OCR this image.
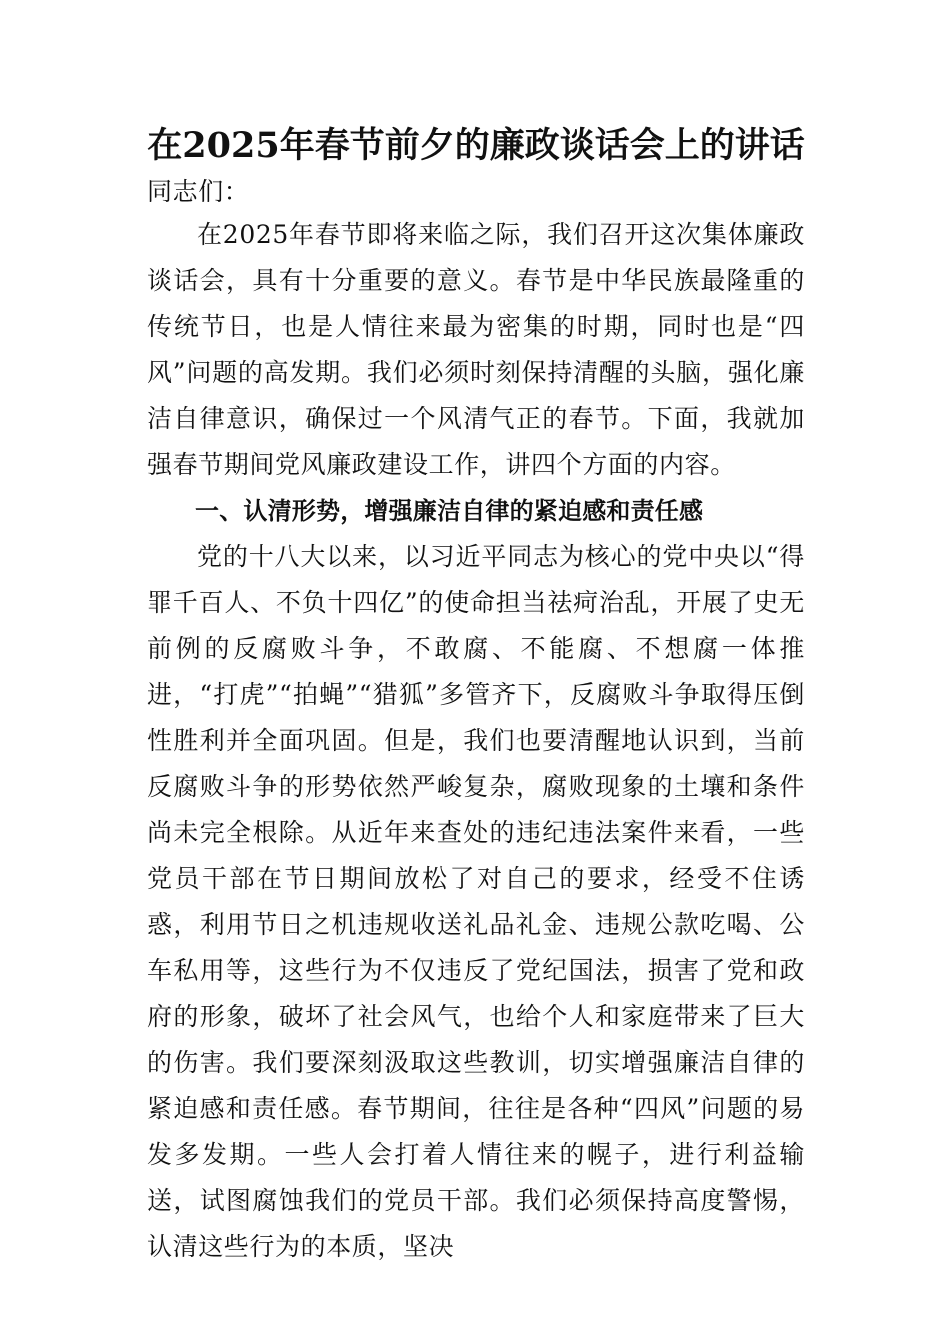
在2025年春节前夕的廉政谈话会上的讲话

同志们：

在2025年春节即将来临之际，我们召开这次集体廉政谈话会，具有十分重要的意义。春节是中华民族最隆重的传统节日，也是人情往来最为密集的时期，同时也是“四风”问题的高发期。我们必须时刻保持清醒的头脑，强化廉洁自律意识，确保过一个风清气正的春节。下面，我就加强春节期间党风廉政建设工作，讲四个方面的内容。

一、认清形势，增强廉洁自律的紧迫感和责任感

党的十八大以来，以习近平同志为核心的党中央以“得罪千百人、不负十四亿”的使命担当祛疴治乱，开展了史无前例的反腐败斗争，不敢腐、不能腐、不想腐一体推进，“打虎”“拍蝇”“猎狐”多管齐下，反腐败斗争取得压倒性胜利并全面巩固。但是，我们也要清醒地认识到，当前反腐败斗争的形势依然严峻复杂，腐败现象的土壤和条件尚未完全根除。从近年来查处的违纪违法案件来看，一些党员干部在节日期间放松了对自己的要求，经受不住诱惑，利用节日之机违规收送礼品礼金、违规公款吃喝、公车私用等，这些行为不仅违反了党纪国法，损害了党和政府的形象，破坏了社会风气，也给个人和家庭带来了巨大的伤害。我们要深刻汲取这些教训，切实增强廉洁自律的紧迫感和责任感。春节期间，往往是各种“四风”问题的易发多发期。一些人会打着人情往来的幌子，进行利益输送，试图腐蚀我们的党员干部。我们必须保持高度警惕，认清这些行为的本质，坚决
